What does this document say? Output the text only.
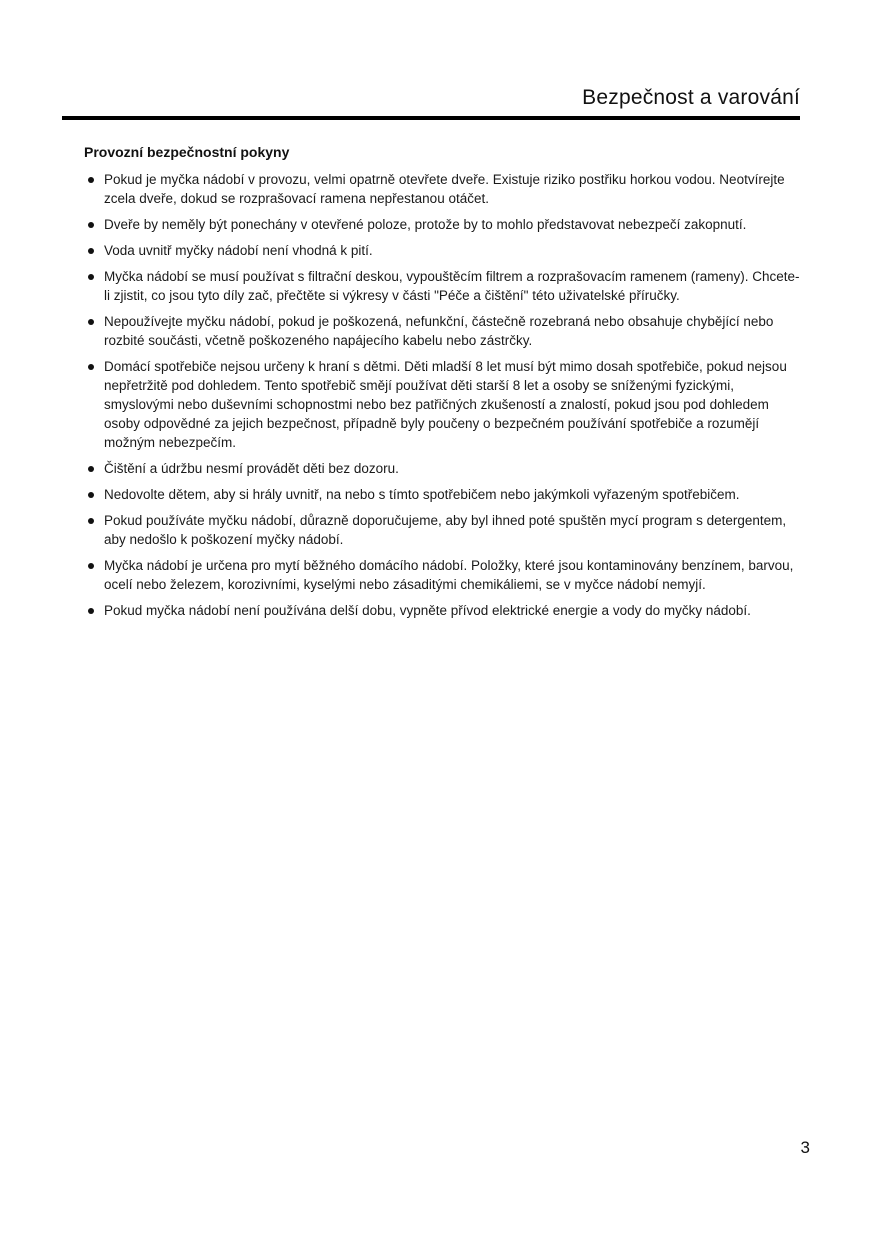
Bezpečnost a varování
Provozní bezpečnostní pokyny
Pokud je myčka nádobí v provozu, velmi opatrně otevřete dveře. Existuje riziko postřiku horkou vodou. Neotvírejte zcela dveře, dokud se rozprašovací ramena nepřestanou otáčet.
Dveře by neměly být ponechány v otevřené poloze, protože by to mohlo představovat nebezpečí zakopnutí.
Voda uvnitř myčky nádobí není vhodná k pití.
Myčka nádobí se musí používat s filtrační deskou, vypouštěcím filtrem a rozprašovacím ramenem (rameny). Chcete-li zjistit, co jsou tyto díly zač, přečtěte si výkresy v části "Péče a čištění" této uživatelské příručky.
Nepoužívejte myčku nádobí, pokud je poškozená, nefunkční, částečně rozebraná nebo obsahuje chybějící nebo rozbité součásti, včetně poškozeného napájecího kabelu nebo zástrčky.
Domácí spotřebiče nejsou určeny k hraní s dětmi. Děti mladší 8 let musí být mimo dosah spotřebiče, pokud nejsou nepřetržitě pod dohledem. Tento spotřebič smějí používat děti starší 8 let a osoby se sníženými fyzickými, smyslovými nebo duševními schopnostmi nebo bez patřičných zkušeností a znalostí, pokud jsou pod dohledem osoby odpovědné za jejich bezpečnost, případně byly poučeny o bezpečném používání spotřebiče a rozumějí možným nebezpečím.
Čištění a údržbu nesmí provádět děti bez dozoru.
Nedovolte dětem, aby si hrály uvnitř, na nebo s tímto spotřebičem nebo jakýmkoli vyřazeným spotřebičem.
Pokud používáte myčku nádobí, důrazně doporučujeme, aby byl ihned poté spuštěn mycí program s detergentem, aby nedošlo k poškození myčky nádobí.
Myčka nádobí je určena pro mytí běžného domácího nádobí. Položky, které jsou kontaminovány benzínem, barvou, ocelí nebo železem, korozivními, kyselými nebo zásaditými chemikáliemi, se v myčce nádobí nemyjí.
Pokud myčka nádobí není používána delší dobu, vypněte přívod elektrické energie a vody do myčky nádobí.
3
